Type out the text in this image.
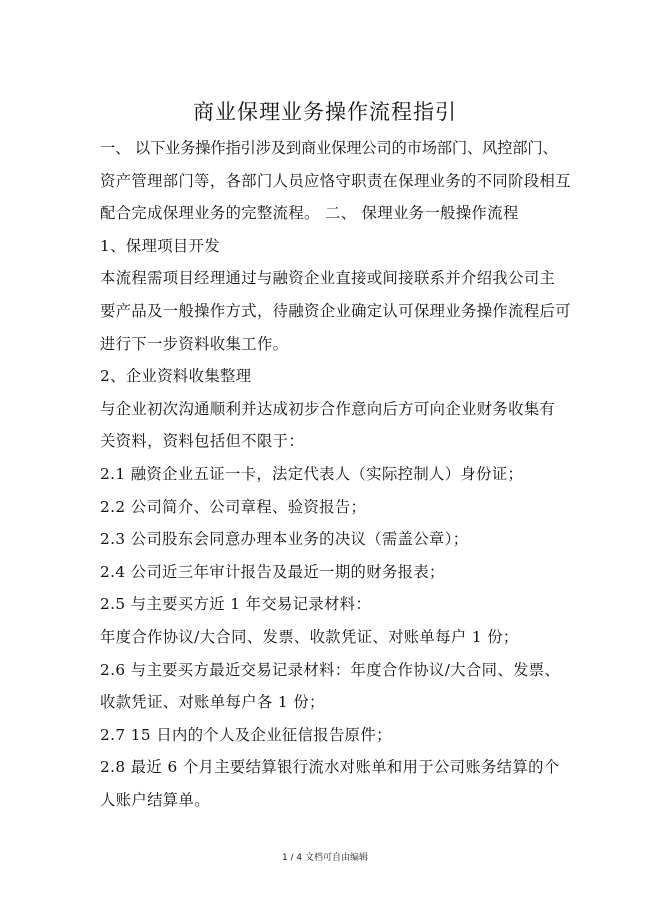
商业保理业务操作流程指引
一、 以下业务操作指引涉及到商业保理公司的市场部门、风控部门、
资产管理部门等，各部门人员应恪守职责在保理业务的不同阶段相互
配合完成保理业务的完整流程。 二、 保理业务一般操作流程
1、保理项目开发
本流程需项目经理通过与融资企业直接或间接联系并介绍我公司主
要产品及一般操作方式，待融资企业确定认可保理业务操作流程后可
进行下一步资料收集工作。
2、企业资料收集整理
与企业初次沟通顺利并达成初步合作意向后方可向企业财务收集有
关资料，资料包括但不限于：
2.1 融资企业五证一卡，法定代表人（实际控制人）身份证；
2.2 公司简介、公司章程、验资报告；
2.3 公司股东会同意办理本业务的决议（需盖公章）；
2.4 公司近三年审计报告及最近一期的财务报表；
2.5 与主要买方近 1 年交易记录材料：
年度合作协议/大合同、发票、收款凭证、对账单每户 1 份；
2.6 与主要买方最近交易记录材料：年度合作协议/大合同、发票、
收款凭证、对账单每户各 1 份；
2.7 15 日内的个人及企业征信报告原件；
2.8 最近 6 个月主要结算银行流水对账单和用于公司账务结算的个
人账户结算单。
1 / 4 文档可自由编辑
